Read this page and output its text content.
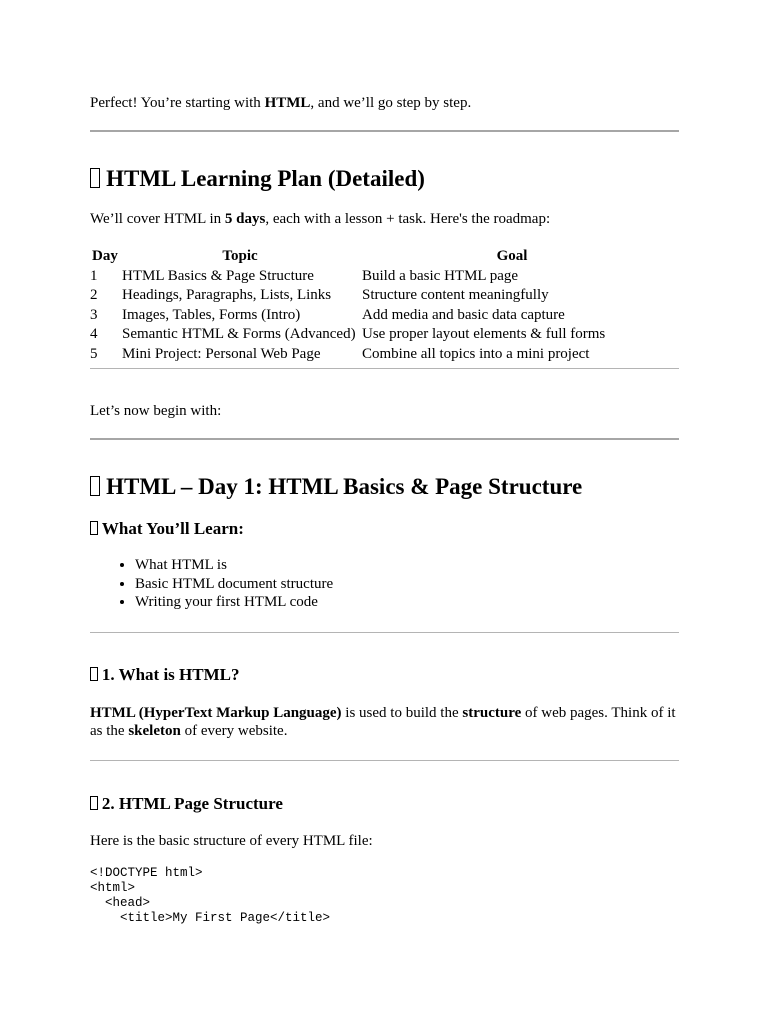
Perfect! You’re starting with HTML, and we’ll go step by step.

HTML Learning Plan (Detailed)

We’ll cover HTML in 5 days, each with a lesson + task. Here's the roadmap:

Day	Topic	Goal
1	HTML Basics & Page Structure	Build a basic HTML page
2	Headings, Paragraphs, Lists, Links	Structure content meaningfully
3	Images, Tables, Forms (Intro)	Add media and basic data capture
4	Semantic HTML & Forms (Advanced)	Use proper layout elements & full forms
5	Mini Project: Personal Web Page	Combine all topics into a mini project

Let’s now begin with:

HTML – Day 1: HTML Basics & Page Structure
What You’ll Learn:
• What HTML is
• Basic HTML document structure
• Writing your first HTML code
1. What is HTML?

HTML (HyperText Markup Language) is used to build the structure of web pages. Think of it as the skeleton of every website.

2. HTML Page Structure

Here is the basic structure of every HTML file:

<!DOCTYPE html>
<html>
<head>
<title>My First Page</title>
